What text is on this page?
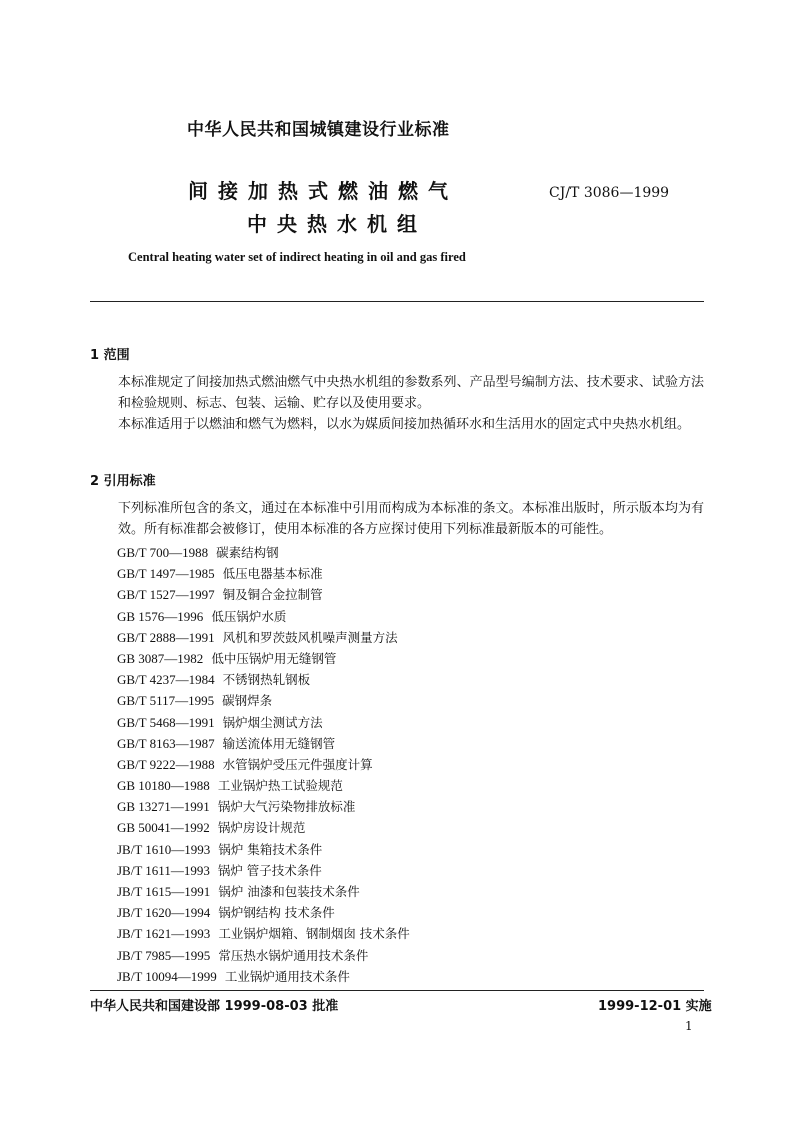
中华人民共和国城镇建设行业标准
间接加热式燃油燃气
中央热水机组
CJ/T 3086—1999
Central heating water set of indirect heating in oil and gas fired
1 范围
本标准规定了间接加热式燃油燃气中央热水机组的参数系列、产品型号编制方法、技术要求、试验方法和检验规则、标志、包装、运输、贮存以及使用要求。
本标准适用于以燃油和燃气为燃料，以水为媒质间接加热循环水和生活用水的固定式中央热水机组。
2 引用标准
下列标准所包含的条文，通过在本标准中引用而构成为本标准的条文。本标准出版时，所示版本均为有效。所有标准都会被修订，使用本标准的各方应探讨使用下列标准最新版本的可能性。
GB/T 700—1988 碳素结构钢
GB/T 1497—1985 低压电器基本标准
GB/T 1527—1997 铜及铜合金拉制管
GB 1576—1996 低压锅炉水质
GB/T 2888—1991 风机和罗茨鼓风机噪声测量方法
GB 3087—1982 低中压锅炉用无缝钢管
GB/T 4237—1984 不锈钢热轧钢板
GB/T 5117—1995 碳钢焊条
GB/T 5468—1991 锅炉烟尘测试方法
GB/T 8163—1987 输送流体用无缝钢管
GB/T 9222—1988 水管锅炉受压元件强度计算
GB 10180—1988 工业锅炉热工试验规范
GB 13271—1991 锅炉大气污染物排放标准
GB 50041—1992 锅炉房设计规范
JB/T 1610—1993 锅炉 集箱技术条件
JB/T 1611—1993 锅炉 管子技术条件
JB/T 1615—1991 锅炉 油漆和包装技术条件
JB/T 1620—1994 锅炉钢结构 技术条件
JB/T 1621—1993 工业锅炉烟箱、钢制烟囱 技术条件
JB/T 7985—1995 常压热水锅炉通用技术条件
JB/T 10094—1999 工业锅炉通用技术条件
中华人民共和国建设部 1999-08-03 批准	1999-12-01 实施
1
